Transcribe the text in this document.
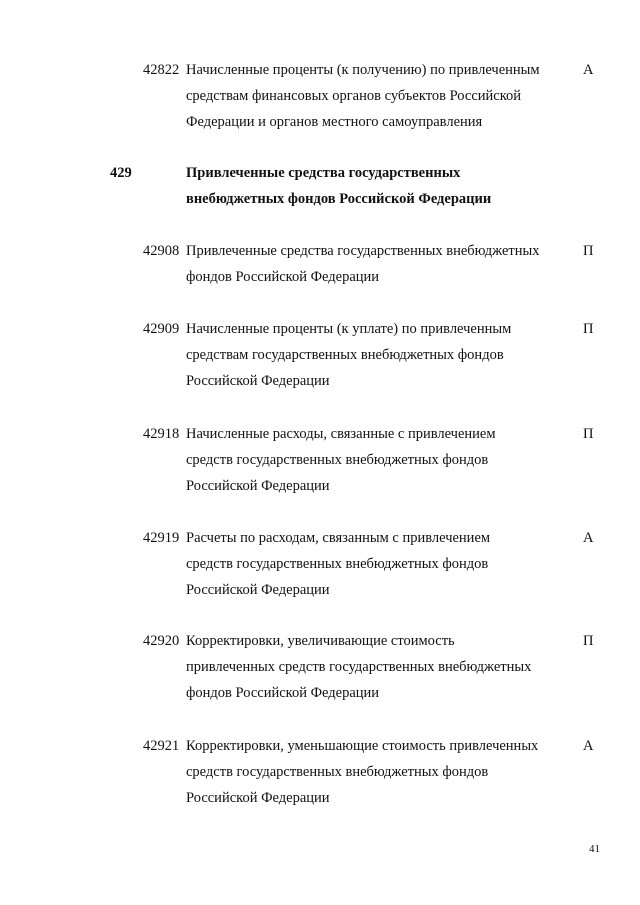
42822 Начисленные проценты (к получению) по привлеченным
средствам финансовых органов субъектов Российской
Федерации и органов местного самоуправления
А
429	Привлеченные средства государственных
внебюджетных фондов Российской Федерации
42908 Привлеченные средства государственных внебюджетных
фондов Российской Федерации
П
42909 Начисленные проценты (к уплате) по привлеченным
средствам государственных внебюджетных фондов
Российской Федерации
П
42918 Начисленные расходы, связанные с привлечением
средств государственных внебюджетных фондов
Российской Федерации
П
42919 Расчеты по расходам, связанным с привлечением
средств государственных внебюджетных фондов
Российской Федерации
А
42920 Корректировки, увеличивающие стоимость
привлеченных средств государственных внебюджетных
фондов Российской Федерации
П
42921 Корректировки, уменьшающие стоимость привлеченных
средств государственных внебюджетных фондов
Российской Федерации
А
41
